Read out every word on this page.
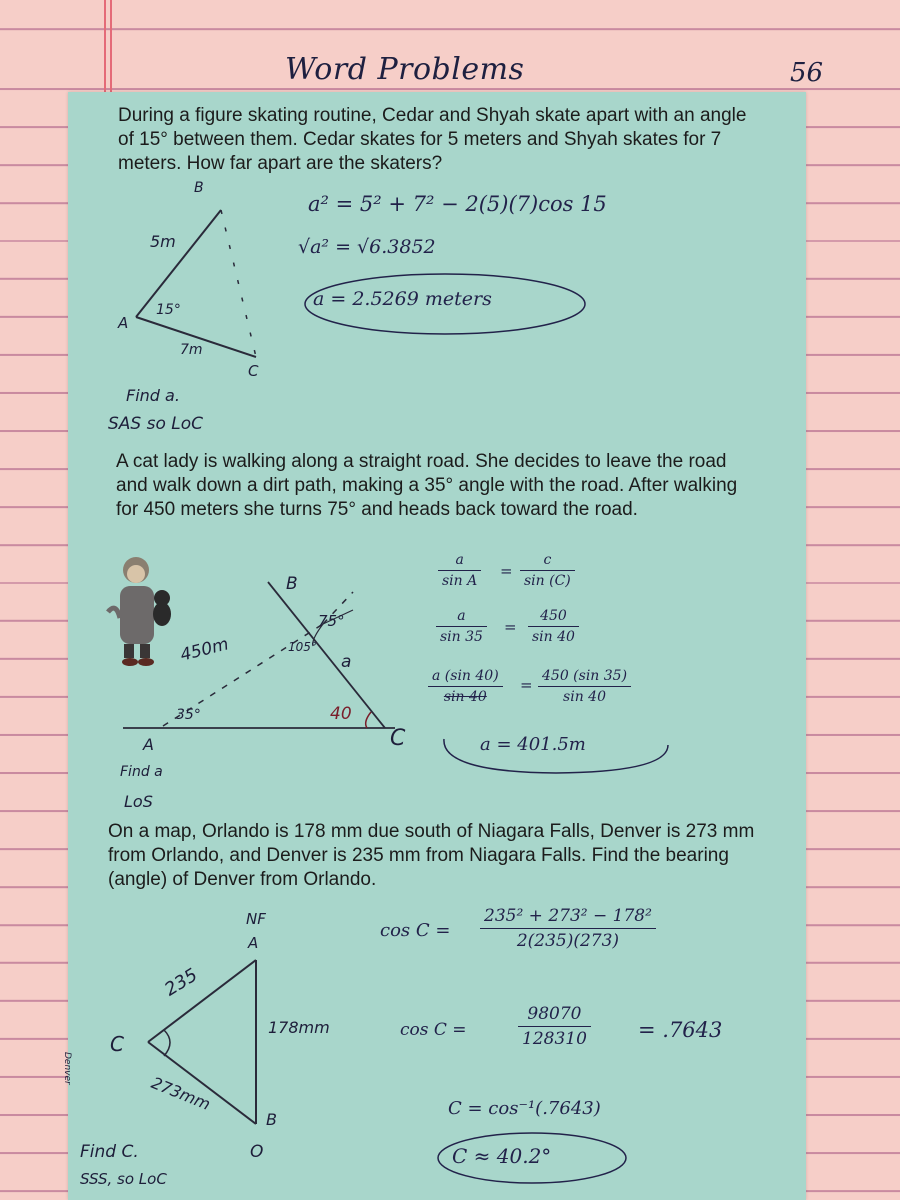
Word Problems	56

During a figure skating routine, Cedar and Shyah skate apart with an angle of 15° between them. Cedar skates for 5 meters and Shyah skates for 7 meters. How far apart are the skaters?

B
A
C
5m
15°
7m
a² = 5² + 7² − 2(5)(7)cos 15
√a² = √6.3852
a = 2.5269 meters
Find a.
SAS so LoC

A cat lady is walking along a straight road. She decides to leave the road and walk down a dirt path, making a 35° angle with the road. After walking for 450 meters she turns 75° and heads back toward the road.

B
75°
105°
450m	a
35°	40
A	C
$\frac{a}{\text{sin A}} = \frac{c}{\sin (C)}$
$\frac{a}{\sin 35} = \frac{450}{\sin 40}$
$\frac{a (\sin 40)}{\sin 40} = \frac{450 (\sin 35)}{\sin 40}$
a = 401.5m
Find a
LoS

On a map, Orlando is 178 mm due south of Niagara Falls, Denver is 273 mm from Orlando, and Denver is 235 mm from Niagara Falls. Find the bearing (angle) of Denver from Orlando.

NF
A
235
178mm
C
Denver
273mm
B
O
$\cos C = \frac{\text{235² + 273² − 178²}}{2(235)(273)}$
cos C =	$\frac{98070}{128310} = .7643$
C = cos⁻¹(.7643)
C ≈ 40.2°
Find C.
SSS, so LoC
